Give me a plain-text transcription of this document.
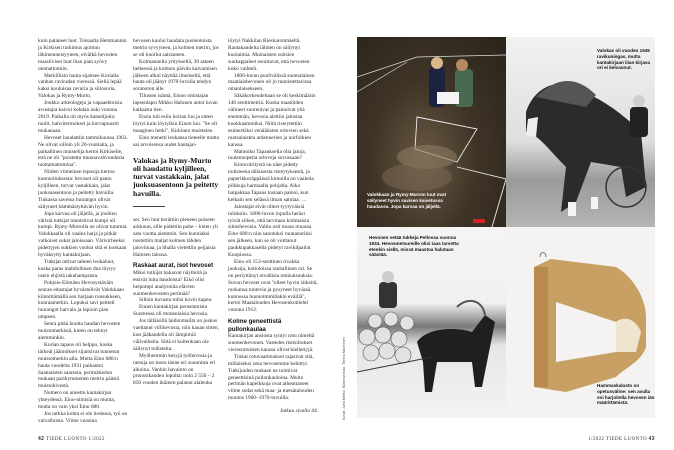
kuin palaneet luut. Toisaalta Hemmannin ja Kirkisen tutkimus ajoittuu lähimenneisyyteen, eivätkä hevosten massiiviset luut ihan pian syövy olemattomiin.

Merkillisin hauta sijaitsee Korialla vanhan raviradan vieressä. Siellä lepää kaksi kouluisaa ravuria ja siitosoria, Valokas ja Rymy-Murto.

Joukko arkeologeja ja vapaaehtoisia avustajia kaivoi kohdan auki vuonna 2019. Paikalla oli myös katselijoita: tuolit, kahvitermokset ja korvapuustit mukanaan.

Hevoset haudattiin tammikuussa 1963. Ne olivat silloin yli 20-vuotiaita, ja paikallinen muistelija kertoi Kirkiselle, että ne oli "poistettu muonavahvuudesta tuottamattomina".

Niiden viimeinen leposija kertoo kunnioituksesta: hevoset oli pantu kyljilleen, turvat vastakkain, jalat juoksuasentoon ja peitetty havuilla. Tiukassa savessa luurangot olivat säilyneet hämmästyttävän hyvin.

Jopa karvaa oli jäljellä, ja jouhien väristä tutkijat tunnistivat kumpi oli kumpi. Rymy-Murrolla ne olivat tummat. Valokkaalla oli vaalea harja ja pitkät valkoiset sukat jaloissaan. Värivirheeksi pidettyjen sukkien vuoksi sitä ei koskaan hyväksytty kantakirjaan.

Tutkijat ottivat talteen leukaluut, koska paras mahdollinen dna löytyy usein ehjistä takahampaista.

Pohjois-Elimäen Hevosystäväin seuran edustajat hyvästelivät Valokkaan kiinnittämällä sen harjaan ruusukkeen, kunniamerkin. Lopuksi savi peitteli luurangot harvain ja lapioin pian umpeen.

Seura pitää huolta haudan hevosten muistomerkistä, kuten on tehnyt aiemminkin.

Korian tapaus oli helppo, koska tärkeät jäännökset sijaitsivat tunnetun muistomerkin alla. Mutta Eino 680:n hauta vuodelta 1931 paikantui Saamaisten saaresta, perimätiedon mukaan parikymmenen metrin päästä muistokivestä.

Numero on annettu kantakirjan yhteydessä. Eino-nimisiä on monta, mutta on vain yksi Eino 680.

Jos tarkka kohta ei ole tiedossa, työ on vaivalloista. Viime vuosina

hevosen kuului haudata puolentoista metrin syvyyteen, ja kolmen metrin, jos se oli kuollut sairauteen.

Kolmannella yrityksellä, 30 asteen helteessä ja kolmen päivän kaivamisen jälkeen alkoi näyttää ilmeiseltä, että hauta oli jäänyt 1970-luvulla tehdyn soranoton alle.

Tilusten isäntä, Einon omistajan lapsenlapsi Mikko Halonen antoi luvan katkaista tien.

Ensin tuli esiin koiran luu ja sitten löytyi kuin löytyikin Einon luu. "Se oli maaginen hetki", Kirkinen muistelee.

Eino menetti leukansa tieteelle mutta sai arvoisensa uudet hautajai-

Valokas ja Rymy-Murto oli haudattu kyljilleen, turvat vastakkain, jalat juoksuasentoon ja peitetty havuilla.

set. Sen luut kerättiin pieneen puiseen arkkuun, sille pidettiin puhe – kuten yli sata vuotta aiemmin. Sen kunniaksi nostettiin maljat kolmen tähden jaloviinaa, ja lihalla vietettiin peijaisia Halosen talossa.

Raskaat aurat, isot hevoset

Miksi tutkijat haluavat näytteitä ja etsivät luita haudoista? Eikö olisi helpompi analysoida elävien suomenhevosten perimää?

Silloin kuvasta tulisi kovin kapea.

Ennen kantakirjan perustamista Suomessa oli monenlaisia hevosia.

Jos tälläisillä laidunmailla on joskus vaeltanut villihevosia, niin kauan sitten, kun jääkaudella oli lämpimiä välivaiheita. Siitä ei kuitenkaan ole säilynyt todisteita.

Myöhemmin kesyjä työhevosia ja ratsuja on tuotu tänne eri suunnista eri aikoina. Vanhin havainto on pronssikauden lopulta: noin 2 550 – 2 850 vuoden ikäinen palanut alaleuka

löytyi Nakkilan Rieskaronmäeltä. Rautakaudelta lähtien on säilynyt kuolaimia. Muinaisten suitsien suukappaleet osoittavat, että hevosten koko vaihteli.

1800-luvun puolivälissä suomalainen maatiaishevonen oli jo tunnistettavissa omanlaisekseen.

Säkäkorkeudeltaan se oli keskimäärin 140 senttimetriä. Koska maatöiden välineet suurenivat ja painoivat yhä enemmän, hevosia alettiin jalostaa kookkaammiksi. Niitä risteytettiin esimerkiksi venäläisten orlovien sekä ruotsalaisten ardennerien ja norfolkien kanssa.

Mahtoiko Tapauksella olla jaloja, tuulennopeita orloveja suvussaan?

Kimoväritystä on näet pidetty todisteena tällaisesta risteytyksestä, ja paperikkoräppäissä kimoilla on vaaleita pilkkuja harmaalla pohjalla. Aika haipakkaa Tapaus tosiaan painoi, kun kelkain sen selässä ilman satulaa. …

Jalostajat eivät olleet tyytyväisiä tuloksiin. 1800-luvun lopulla heräsi tyivät siihen, että tarvitaan kotimaisia siitoshevosia. Valtio osti muun muassa Eino 680:n niin sanotuksi ruunanoriksi sen jälkeen, kun se oli voittanut paukkupakkasella pidetyt ravikilpailut Kuopiossa.

Eino oli 153-senttinen rivakka juoksija, kotioloissa rauhallinen ori. Se on periyttänyt oivallisia ominaisuuksia. Suvun hevoset ovat "olleet hyvin sitkeitä, ruokansa tuntevia ja pysyneet hyvässä kunnossa huonoimmillakin eväillä", kertoi Maatalouden Hevosenkotilehti vuonna 1912.

Kolme geneettistä pullonkaulaa

Kantakirjan ansiosta syntyi rotu nimeltä suomenhevonen. Vastedes ristisiitokset vierasrotuisten kanssa olivat kiellettyjä.

Tiukat rotuvaatimukset rajasivat sitä, millaiseksi oma hevosemme kehittyi. Tutkijoiden mukaan ne toimivat geneettisinä pullonkauloina. Muita perimän kapeikkoja ovat aiheuttaneet viime sodat sekä maa- ja metsätalouden muutos 1960–1970-luvuilla.

Jatkuu sivulla 44.

42 TIEDE LUONTO 1/2022
Valokkaan ja Rymy-Murron luut ovat säilyneet hyvin savisen kaivetussa haudassa. Jopa karvaa on jäljellä.
Valokas oli vuoden 1945 ravikuningas, mutta kantakirjaan liian kirjava ori ei kelvannut.
Hevonen vetää tukkeja Pellossa vuonna 1934. Hevosmetsureille olisi taas tarvetta etenkin siellä, missä maastoa halutaan säästää.
Hammaskalusto on opetusväline: sen avulla voi harjoitella hevosen iän määrittämistä.
Kuvat: Juha Metso, Museovirasto, Teemu Manninen
1/2022 TIEDE LUONTO 43
